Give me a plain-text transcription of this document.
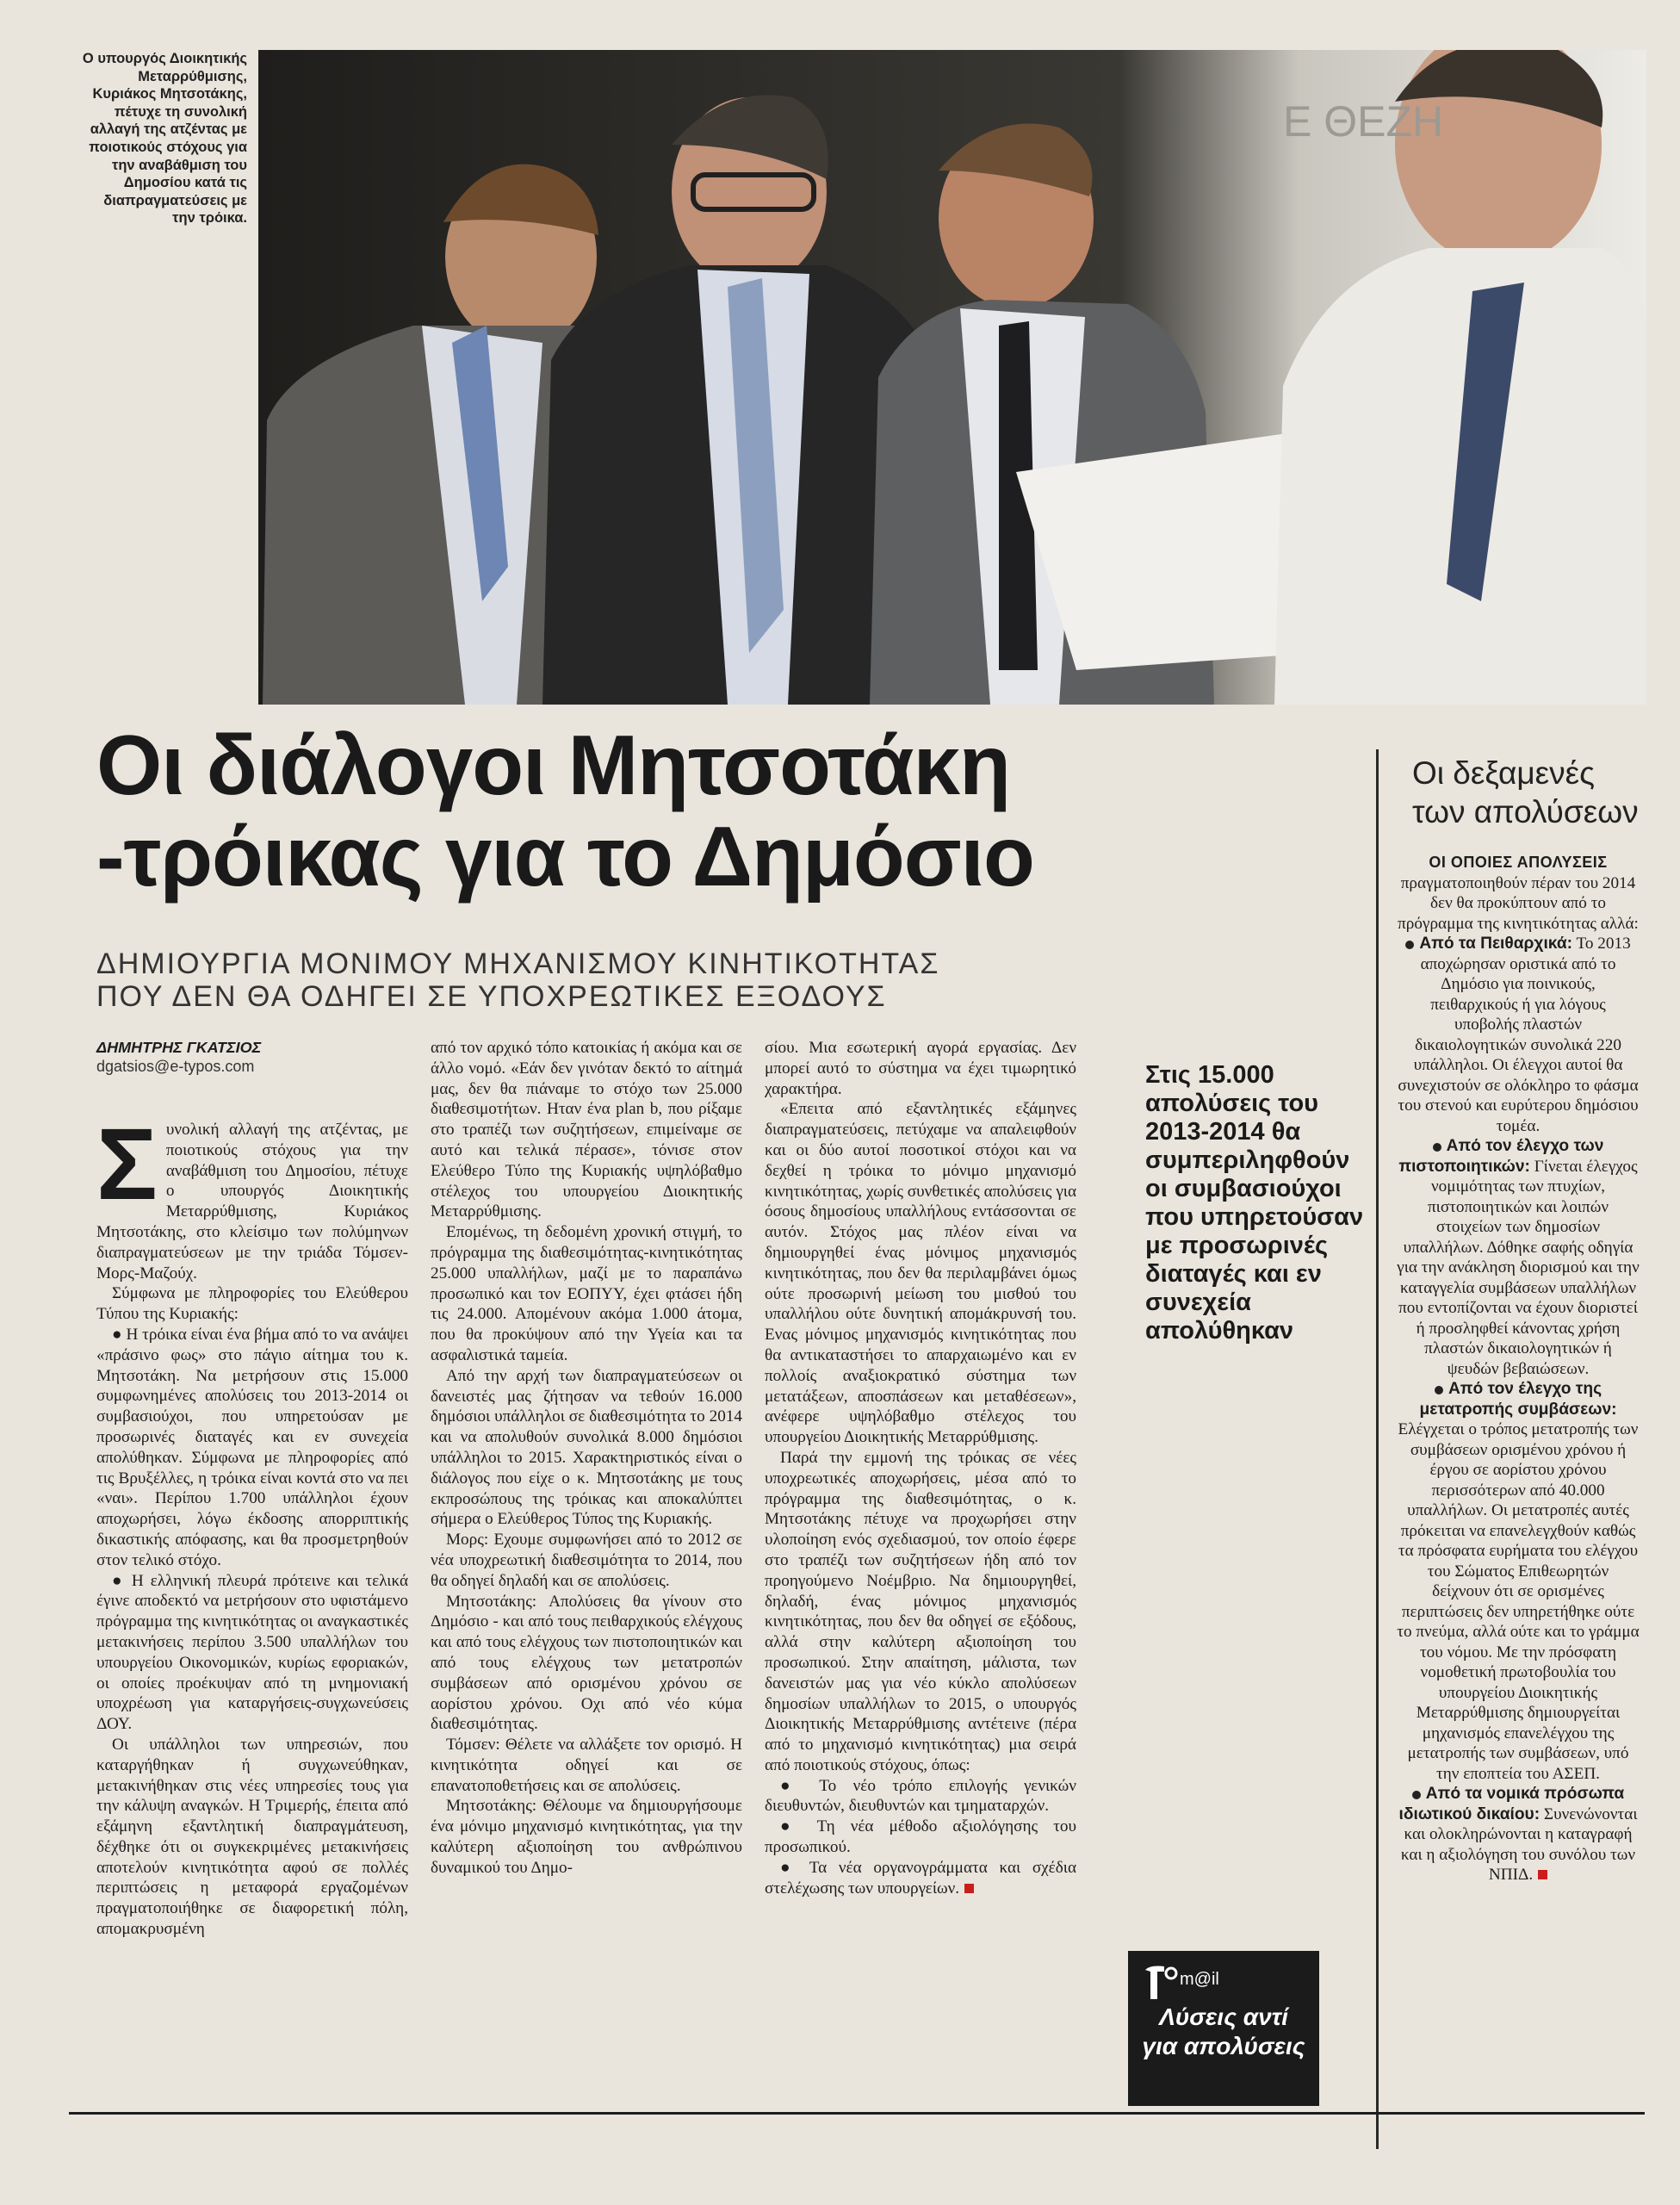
Ο υπουργός Διοικητικής Μεταρρύθμισης, Κυριάκος Μητσοτάκης, πέτυχε τη συνολική αλλαγή της ατζέντας με ποιοτικούς στόχους για την αναβάθμιση του Δημοσίου κατά τις διαπραγματεύσεις με την τρόικα.
Ε ΘΕΖΗ
Οι διάλογοι Μητσοτάκη
-τρόικας για το Δημόσιο
ΔΗΜΙΟΥΡΓΙΑ ΜΟΝΙΜΟΥ ΜΗΧΑΝΙΣΜΟΥ ΚΙΝΗΤΙΚΟΤΗΤΑΣ
ΠΟΥ ΔΕΝ ΘΑ ΟΔΗΓΕΙ ΣΕ ΥΠΟΧΡΕΩΤΙΚΕΣ ΕΞΟΔΟΥΣ
ΔΗΜΗΤΡΗΣ ΓΚΑΤΣΙΟΣ
dgatsios@e-typos.com

Συνολική αλλαγή της ατζέντας, με ποιοτικούς στόχους για την αναβάθμιση του Δημοσίου, πέτυχε ο υπουργός Διοικητικής Μεταρρύθμισης, Κυριάκος Μητσοτάκης, στο κλείσιμο των πολύμηνων διαπραγματεύσεων με την τριάδα Τόμσεν-Μορς-Μαζούχ.

Σύμφωνα με πληροφορίες του Ελεύθερου Τύπου της Κυριακής:

● Η τρόικα είναι ένα βήμα από το να ανάψει «πράσινο φως» στο πάγιο αίτημα του κ. Μητσοτάκη. Να μετρήσουν στις 15.000 συμφωνημένες απολύσεις του 2013-2014 οι συμβασιούχοι, που υπηρετούσαν με προσωρινές διαταγές και εν συνεχεία απολύθηκαν. Σύμφωνα με πληροφορίες από τις Βρυξέλλες, η τρόικα είναι κοντά στο να πει «ναι». Περίπου 1.700 υπάλληλοι έχουν αποχωρήσει, λόγω έκδοσης απορριπτικής δικαστικής απόφασης, και θα προσμετρηθούν στον τελικό στόχο.

● Η ελληνική πλευρά πρότεινε και τελικά έγινε αποδεκτό να μετρήσουν στο υφιστάμενο πρόγραμμα της κινητικότητας οι αναγκαστικές μετακινήσεις περίπου 3.500 υπαλλήλων του υπουργείου Οικονομικών, κυρίως εφοριακών, οι οποίες προέκυψαν από τη μνημονιακή υποχρέωση για καταργήσεις-συγχωνεύσεις ΔΟΥ.

Οι υπάλληλοι των υπηρεσιών, που καταργήθηκαν ή συγχωνεύθηκαν, μετακινήθηκαν στις νέες υπηρεσίες τους για την κάλυψη αναγκών. Η Τριμερής, έπειτα από εξάμηνη εξαντλητική διαπραγμάτευση, δέχθηκε ότι οι συγκεκριμένες μετακινήσεις αποτελούν κινητικότητα αφού σε πολλές περιπτώσεις η μεταφορά εργαζομένων πραγματοποιήθηκε σε διαφορετική πόλη, απομακρυσμένη

από τον αρχικό τόπο κατοικίας ή ακόμα και σε άλλο νομό. «Εάν δεν γινόταν δεκτό το αίτημά μας, δεν θα πιάναμε το στόχο των 25.000 διαθεσιμοτήτων. Ηταν ένα plan b, που ρίξαμε στο τραπέζι των συζητήσεων, επιμείναμε σε αυτό και τελικά πέρασε», τόνισε στον Ελεύθερο Τύπο της Κυριακής υψηλόβαθμο στέλεχος του υπουργείου Διοικητικής Μεταρρύθμισης.

Επομένως, τη δεδομένη χρονική στιγμή, το πρόγραμμα της διαθεσιμότητας-κινητικότητας 25.000 υπαλλήλων, μαζί με το παραπάνω προσωπικό και τον ΕΟΠΥΥ, έχει φτάσει ήδη τις 24.000. Απομένουν ακόμα 1.000 άτομα, που θα προκύψουν από την Υγεία και τα ασφαλιστικά ταμεία.

Από την αρχή των διαπραγματεύσεων οι δανειστές μας ζήτησαν να τεθούν 16.000 δημόσιοι υπάλληλοι σε διαθεσιμότητα το 2014 και να απολυθούν συνολικά 8.000 δημόσιοι υπάλληλοι το 2015. Χαρακτηριστικός είναι ο διάλογος που είχε ο κ. Μητσοτάκης με τους εκπροσώπους της τρόικας και αποκαλύπτει σήμερα ο Ελεύθερος Τύπος της Κυριακής.

Μορς: Εχουμε συμφωνήσει από το 2012 σε νέα υποχρεωτική διαθεσιμότητα το 2014, που θα οδηγεί δηλαδή και σε απολύσεις.

Μητσοτάκης: Απολύσεις θα γίνουν στο Δημόσιο - και από τους πειθαρχικούς ελέγχους και από τους ελέγχους των πιστοποιητικών και από τους ελέγχους των μετατροπών συμβάσεων από ορισμένου χρόνου σε αορίστου χρόνου. Οχι από νέο κύμα διαθεσιμότητας.

Τόμσεν: Θέλετε να αλλάξετε τον ορισμό. Η κινητικότητα οδηγεί και σε επανατοποθετήσεις και σε απολύσεις.

Μητσοτάκης: Θέλουμε να δημιουργήσουμε ένα μόνιμο μηχανισμό κινητικότητας, για την καλύτερη αξιοποίηση του ανθρώπινου δυναμικού του Δημο-

σίου. Μια εσωτερική αγορά εργασίας. Δεν μπορεί αυτό το σύστημα να έχει τιμωρητικό χαρακτήρα.

«Επειτα από εξαντλητικές εξάμηνες διαπραγματεύσεις, πετύχαμε να απαλειφθούν και οι δύο αυτοί ποσοτικοί στόχοι και να δεχθεί η τρόικα το μόνιμο μηχανισμό κινητικότητας, χωρίς συνθετικές απολύσεις για όσους δημοσίους υπαλλήλους εντάσσονται σε αυτόν. Στόχος μας πλέον είναι να δημιουργηθεί ένας μόνιμος μηχανισμός κινητικότητας, που δεν θα περιλαμβάνει όμως ούτε προσωρινή μείωση του μισθού του υπαλλήλου ούτε δυνητική απομάκρυνσή του. Ενας μόνιμος μηχανισμός κινητικότητας που θα αντικαταστήσει το απαρχαιωμένο και εν πολλοίς αναξιοκρατικό σύστημα των μετατάξεων, αποσπάσεων και μεταθέσεων», ανέφερε υψηλόβαθμο στέλεχος του υπουργείου Διοικητικής Μεταρρύθμισης.

Παρά την εμμονή της τρόικας σε νέες υποχρεωτικές αποχωρήσεις, μέσα από το πρόγραμμα της διαθεσιμότητας, ο κ. Μητσοτάκης πέτυχε να προχωρήσει στην υλοποίηση ενός σχεδιασμού, τον οποίο έφερε στο τραπέζι των συζητήσεων ήδη από τον προηγούμενο Νοέμβριο. Να δημιουργηθεί, δηλαδή, ένας μόνιμος μηχανισμός κινητικότητας, που δεν θα οδηγεί σε εξόδους, αλλά στην καλύτερη αξιοποίηση του προσωπικού. Στην απαίτηση, μάλιστα, των δανειστών μας για νέο κύκλο απολύσεων δημοσίων υπαλλήλων το 2015, ο υπουργός Διοικητικής Μεταρρύθμισης αντέτεινε (πέρα από το μηχανισμό κινητικότητας) μια σειρά από ποιοτικούς στόχους, όπως:

● Το νέο τρόπο επιλογής γενικών διευθυντών, διευθυντών και τμηματαρχών.

● Τη νέα μέθοδο αξιολόγησης του προσωπικού.

● Τα νέα οργανογράμματα και σχέδια στελέχωσης των υπουργείων.

Στις 15.000 απολύσεις του 2013-2014 θα συμπεριληφθούν οι συμβασιούχοι που υπηρετούσαν με προσωρινές διαταγές και εν συνεχεία απολύθηκαν
m@il
Λύσεις αντί για απολύσεις
Οι δεξαμενές
των απολύσεων

ΟΙ ΟΠΟΙΕΣ ΑΠΟΛΥΣΕΙΣ πραγματοποιηθούν πέραν του 2014 δεν θα προκύπτουν από το πρόγραμμα της κινητικότητας αλλά:

Από τα Πειθαρχικά: Το 2013 αποχώρησαν οριστικά από το Δημόσιο για ποινικούς, πειθαρχικούς ή για λόγους υποβολής πλαστών δικαιολογητικών συνολικά 220 υπάλληλοι. Οι έλεγχοι αυτοί θα συνεχιστούν σε ολόκληρο το φάσμα του στενού και ευρύτερου δημόσιου τομέα.

Από τον έλεγχο των πιστοποιητικών: Γίνεται έλεγχος νομιμότητας των πτυχίων, πιστοποιητικών και λοιπών στοιχείων των δημοσίων υπαλλήλων. Δόθηκε σαφής οδηγία για την ανάκληση διορισμού και την καταγγελία συμβάσεων υπαλλήλων που εντοπίζονται να έχουν διοριστεί ή προσληφθεί κάνοντας χρήση πλαστών δικαιολογητικών ή ψευδών βεβαιώσεων.

Από τον έλεγχο της μετατροπής συμβάσεων: Ελέγχεται ο τρόπος μετατροπής των συμβάσεων ορισμένου χρόνου ή έργου σε αορίστου χρόνου περισσότερων από 40.000 υπαλλήλων. Οι μετατροπές αυτές πρόκειται να επανελεγχθούν καθώς τα πρόσφατα ευρήματα του ελέγχου του Σώματος Επιθεωρητών δείχνουν ότι σε ορισμένες περιπτώσεις δεν υπηρετήθηκε ούτε το πνεύμα, αλλά ούτε και το γράμμα του νόμου. Με την πρόσφατη νομοθετική πρωτοβουλία του υπουργείου Διοικητικής Μεταρρύθμισης δημιουργείται μηχανισμός επανελέγχου της μετατροπής των συμβάσεων, υπό την εποπτεία του ΑΣΕΠ.

Από τα νομικά πρόσωπα ιδιωτικού δικαίου: Συνενώνονται και ολοκληρώνονται η καταγραφή και η αξιολόγηση του συνόλου των ΝΠΙΔ.
